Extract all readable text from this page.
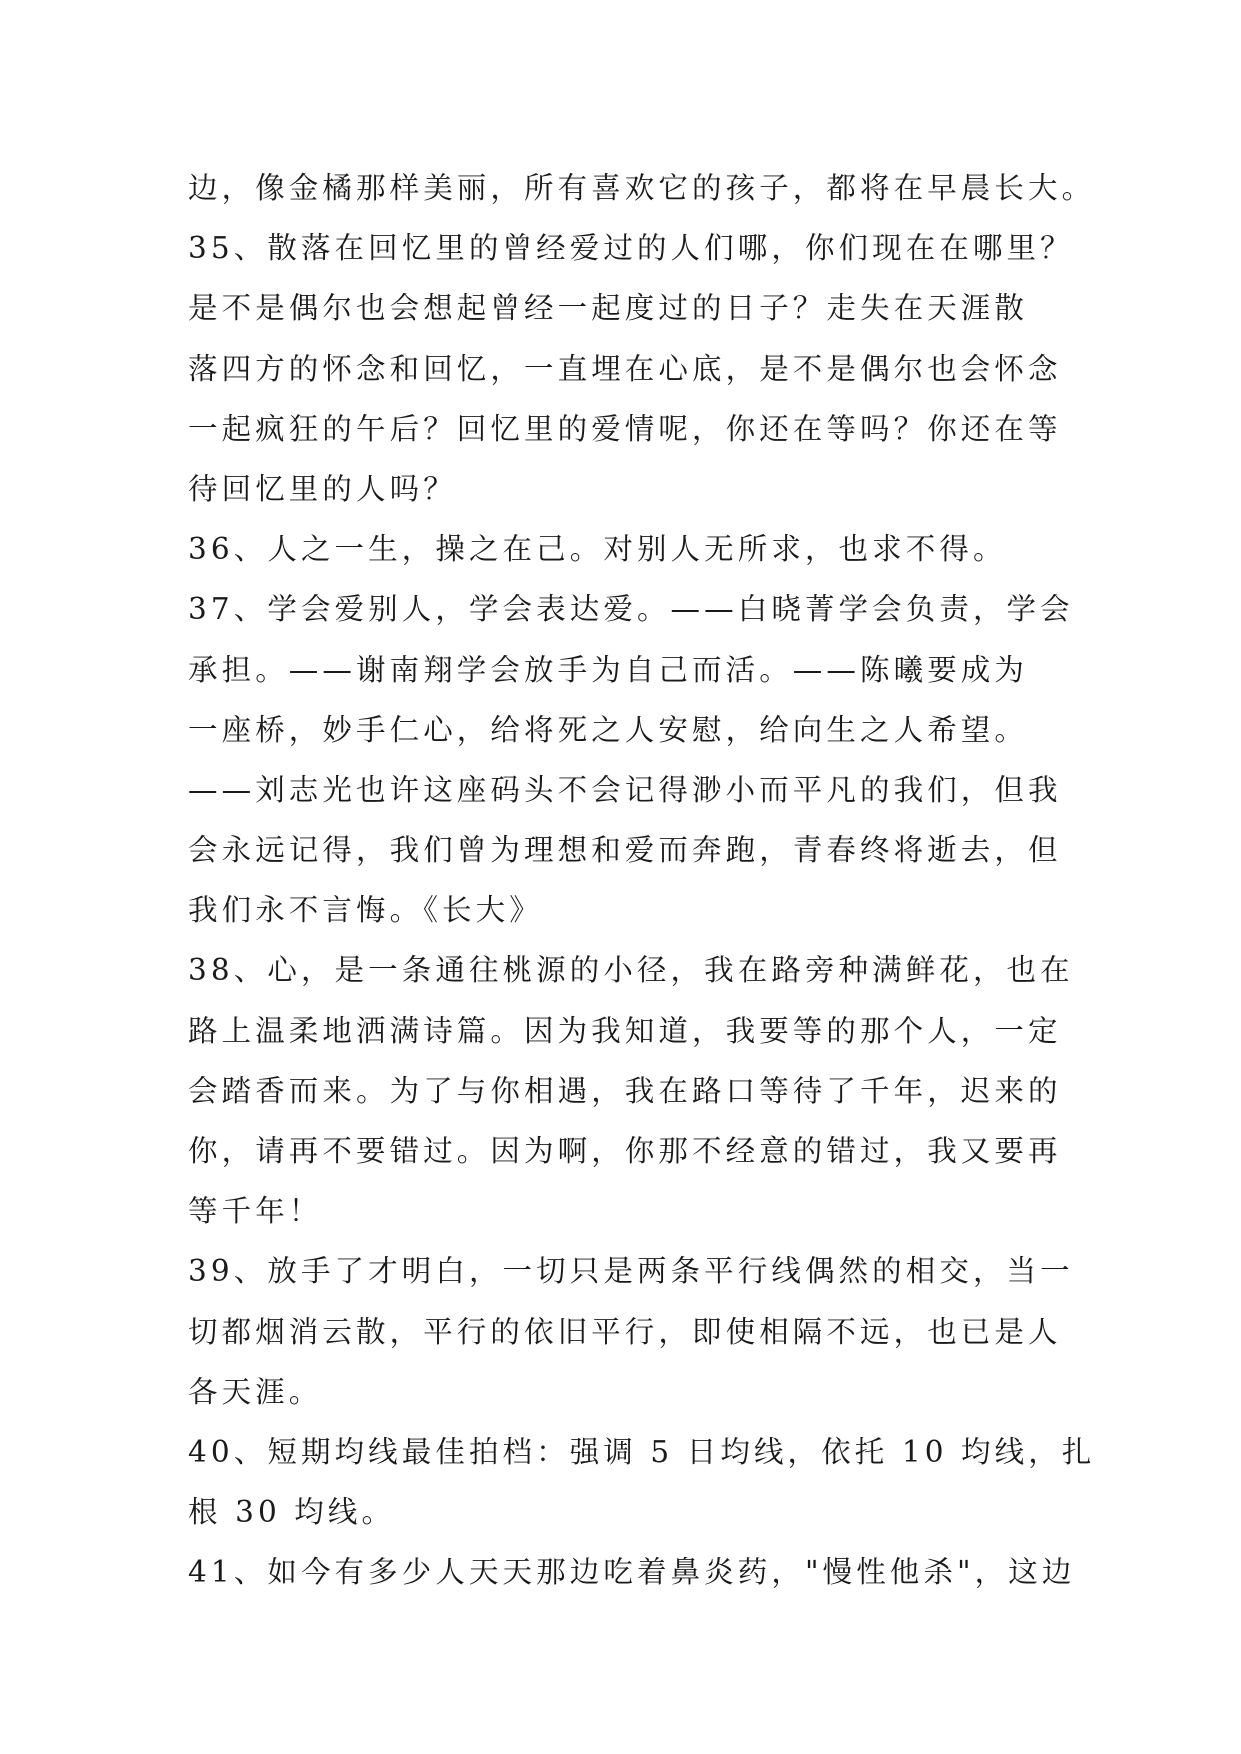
边，像金橘那样美丽，所有喜欢它的孩子，都将在早晨长大。
35、散落在回忆里的曾经爱过的人们哪，你们现在在哪里？
是不是偶尔也会想起曾经一起度过的日子？走失在天涯散
落四方的怀念和回忆，一直埋在心底，是不是偶尔也会怀念
一起疯狂的午后？回忆里的爱情呢，你还在等吗？你还在等
待回忆里的人吗？
36、人之一生，操之在己。对别人无所求，也求不得。
37、学会爱别人，学会表达爱。——白晓菁学会负责，学会
承担。——谢南翔学会放手为自己而活。——陈曦要成为
一座桥，妙手仁心，给将死之人安慰，给向生之人希望。
——刘志光也许这座码头不会记得渺小而平凡的我们，但我
会永远记得，我们曾为理想和爱而奔跑，青春终将逝去，但
我们永不言悔。《长大》
38、心，是一条通往桃源的小径，我在路旁种满鲜花，也在
路上温柔地洒满诗篇。因为我知道，我要等的那个人，一定
会踏香而来。为了与你相遇，我在路口等待了千年，迟来的
你，请再不要错过。因为啊，你那不经意的错过，我又要再
等千年！
39、放手了才明白，一切只是两条平行线偶然的相交，当一
切都烟消云散，平行的依旧平行，即使相隔不远，也已是人
各天涯。
40、短期均线最佳拍档：强调 5 日均线，依托 10 均线，扎
根 30 均线。
41、如今有多少人天天那边吃着鼻炎药，"慢性他杀"，这边
